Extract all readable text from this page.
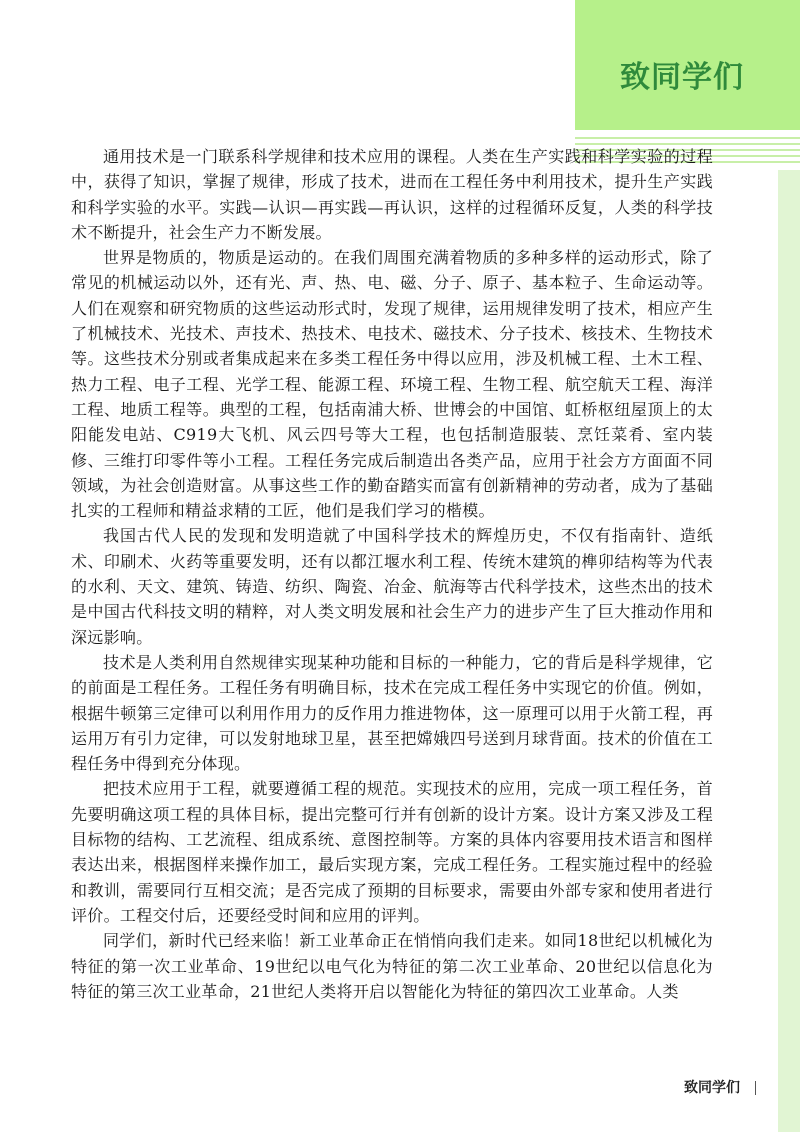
致同学们

通用技术是一门联系科学规律和技术应用的课程。人类在生产实践和科学实验的过程中，获得了知识，掌握了规律，形成了技术，进而在工程任务中利用技术，提升生产实践和科学实验的水平。实践—认识—再实践—再认识，这样的过程循环反复，人类的科学技术不断提升，社会生产力不断发展。

世界是物质的，物质是运动的。在我们周围充满着物质的多种多样的运动形式，除了常见的机械运动以外，还有光、声、热、电、磁、分子、原子、基本粒子、生命运动等。人们在观察和研究物质的这些运动形式时，发现了规律，运用规律发明了技术，相应产生了机械技术、光技术、声技术、热技术、电技术、磁技术、分子技术、核技术、生物技术等。这些技术分别或者集成起来在多类工程任务中得以应用，涉及机械工程、土木工程、热力工程、电子工程、光学工程、能源工程、环境工程、生物工程、航空航天工程、海洋工程、地质工程等。典型的工程，包括南浦大桥、世博会的中国馆、虹桥枢纽屋顶上的太阳能发电站、C919大飞机、风云四号等大工程，也包括制造服装、烹饪菜肴、室内装修、三维打印零件等小工程。工程任务完成后制造出各类产品，应用于社会方方面面不同领域，为社会创造财富。从事这些工作的勤奋踏实而富有创新精神的劳动者，成为了基础扎实的工程师和精益求精的工匠，他们是我们学习的楷模。

我国古代人民的发现和发明造就了中国科学技术的辉煌历史，不仅有指南针、造纸术、印刷术、火药等重要发明，还有以都江堰水利工程、传统木建筑的榫卯结构等为代表的水利、天文、建筑、铸造、纺织、陶瓷、冶金、航海等古代科学技术，这些杰出的技术是中国古代科技文明的精粹，对人类文明发展和社会生产力的进步产生了巨大推动作用和深远影响。

技术是人类利用自然规律实现某种功能和目标的一种能力，它的背后是科学规律，它的前面是工程任务。工程任务有明确目标，技术在完成工程任务中实现它的价值。例如，根据牛顿第三定律可以利用作用力的反作用力推进物体，这一原理可以用于火箭工程，再运用万有引力定律，可以发射地球卫星，甚至把嫦娥四号送到月球背面。技术的价值在工程任务中得到充分体现。

把技术应用于工程，就要遵循工程的规范。实现技术的应用，完成一项工程任务，首先要明确这项工程的具体目标，提出完整可行并有创新的设计方案。设计方案又涉及工程目标物的结构、工艺流程、组成系统、意图控制等。方案的具体内容要用技术语言和图样表达出来，根据图样来操作加工，最后实现方案，完成工程任务。工程实施过程中的经验和教训，需要同行互相交流；是否完成了预期的目标要求，需要由外部专家和使用者进行评价。工程交付后，还要经受时间和应用的评判。

同学们，新时代已经来临！新工业革命正在悄悄向我们走来。如同18世纪以机械化为特征的第一次工业革命、19世纪以电气化为特征的第二次工业革命、20世纪以信息化为特征的第三次工业革命，21世纪人类将开启以智能化为特征的第四次工业革命。人类

致同学们
